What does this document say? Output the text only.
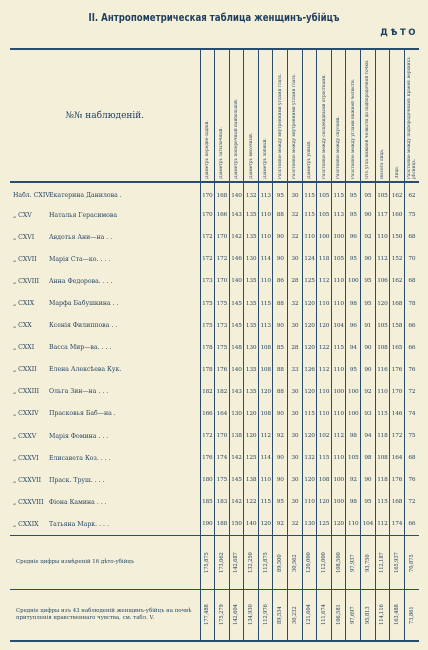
II. Антропометрическая таблица женщинъ-убійцъ
ДѢТО
№№ наблюденій.	Діаметръ передне-задній.	Діаметръ затылочный.	Діаметръ поперечный наибольшій.	Діаметръ височный.	Діаметръ лобный.	Разстояніе между внутренними углами глазъ.	Разстояніе между внутренними углами глазъ.	Діаметръ упный.	Разстояніе между сосцевидными отростками.	Разстояніе между скулами.	Разстояніе между углами нижней челюсти.	Отъ угла нижней челюсти до подбородочной точки.	Высота лица.	Лице.	Разстояніе между подбородочнымъ краемъ верхнихъ рѣсницъ.

Набл. CXIVЕкатерина Данилова .	170	168	140	132	113	95	30	115	105	115	95	95	105	162	62
„ CXV Наталья Герасимова	170	166	143	135	110	88	32	115	105	113	95	90	117	160	75
„ CXVI Авдотья Ани—на . .	172	170	142	135	110	90	32	110	100	100	96	92	110	150	68
„ CXVII Марія Ста—ко. . . .	172	172	146	130	114	90	30	124	118	105	95	90	112	152	70
„ CXVIII Анна Федорова. . . .	173	170	140	135	110	86	28	125	112	110	100	95	106	162	68
„ CXIX Марфа Бабушкина . .	175	175	145	135	115	88	32	120	110	110	98	95	120	168	78
„ CXX Ксенія Филиппова . .	175	173	145	135	113	90	30	120	120	104	96	91	105	158	66
„ CXXI Васса Мир—ва. . . .	178	175	148	130	108	85	28	120	122	115	94	90	108	165	66
„ CXXII Елена Алексѣева Кук.	178	176	140	135	108	88	33	126	112	110	95	90	116	176	76
„ CXXIII Ольга Зин—на . . .	182	182	143	135	120	88	30	120	110	100	100	92	110	170	72
„ CXXIV Прасковья Баб—на .	166	164	130	120	108	90	30	115	110	110	100	93	115	146	74
„ CXXV Марія Фомина . . .	172	170	138	120	112	92	30	120	102	112	98	94	118	172	75
„ CXXVI Елисавета Коз. . . .	176	174	142	125	114	90	30	132	115	110	105	98	108	164	68
„ CXXVII Праск. Труш. . . .	180	175	145	138	110	90	30	120	108	100	92	90	118	176	76
„ CXXVIII Фіона Камина . . .	185	183	142	122	115	95	30	110	120	100	98	95	115	168	72
„ CXXIX Татьяна Марк. . . .	190	188	150	140	120	92	32	130	125	120	110	104	112	174	66
Средніе цифры измѣреній 16 дѣто-убійцъ	175,875	173,062	142,687	132,250	112,875	89,500	30,562	120,000	112,000	108,500	97,937	93,750	112,187	165,937	70,875

Средніе цифры изъ 43 наблюденій женщинъ-убійцъ на почвѣ притупленія нравственнаго чувства, см. табл. V.	177,488	175,279	142,604	134,930	112,976	89,534	30,232	121,604	111,674	106,581	97,697	95,813	114,116	163,488	73,861
